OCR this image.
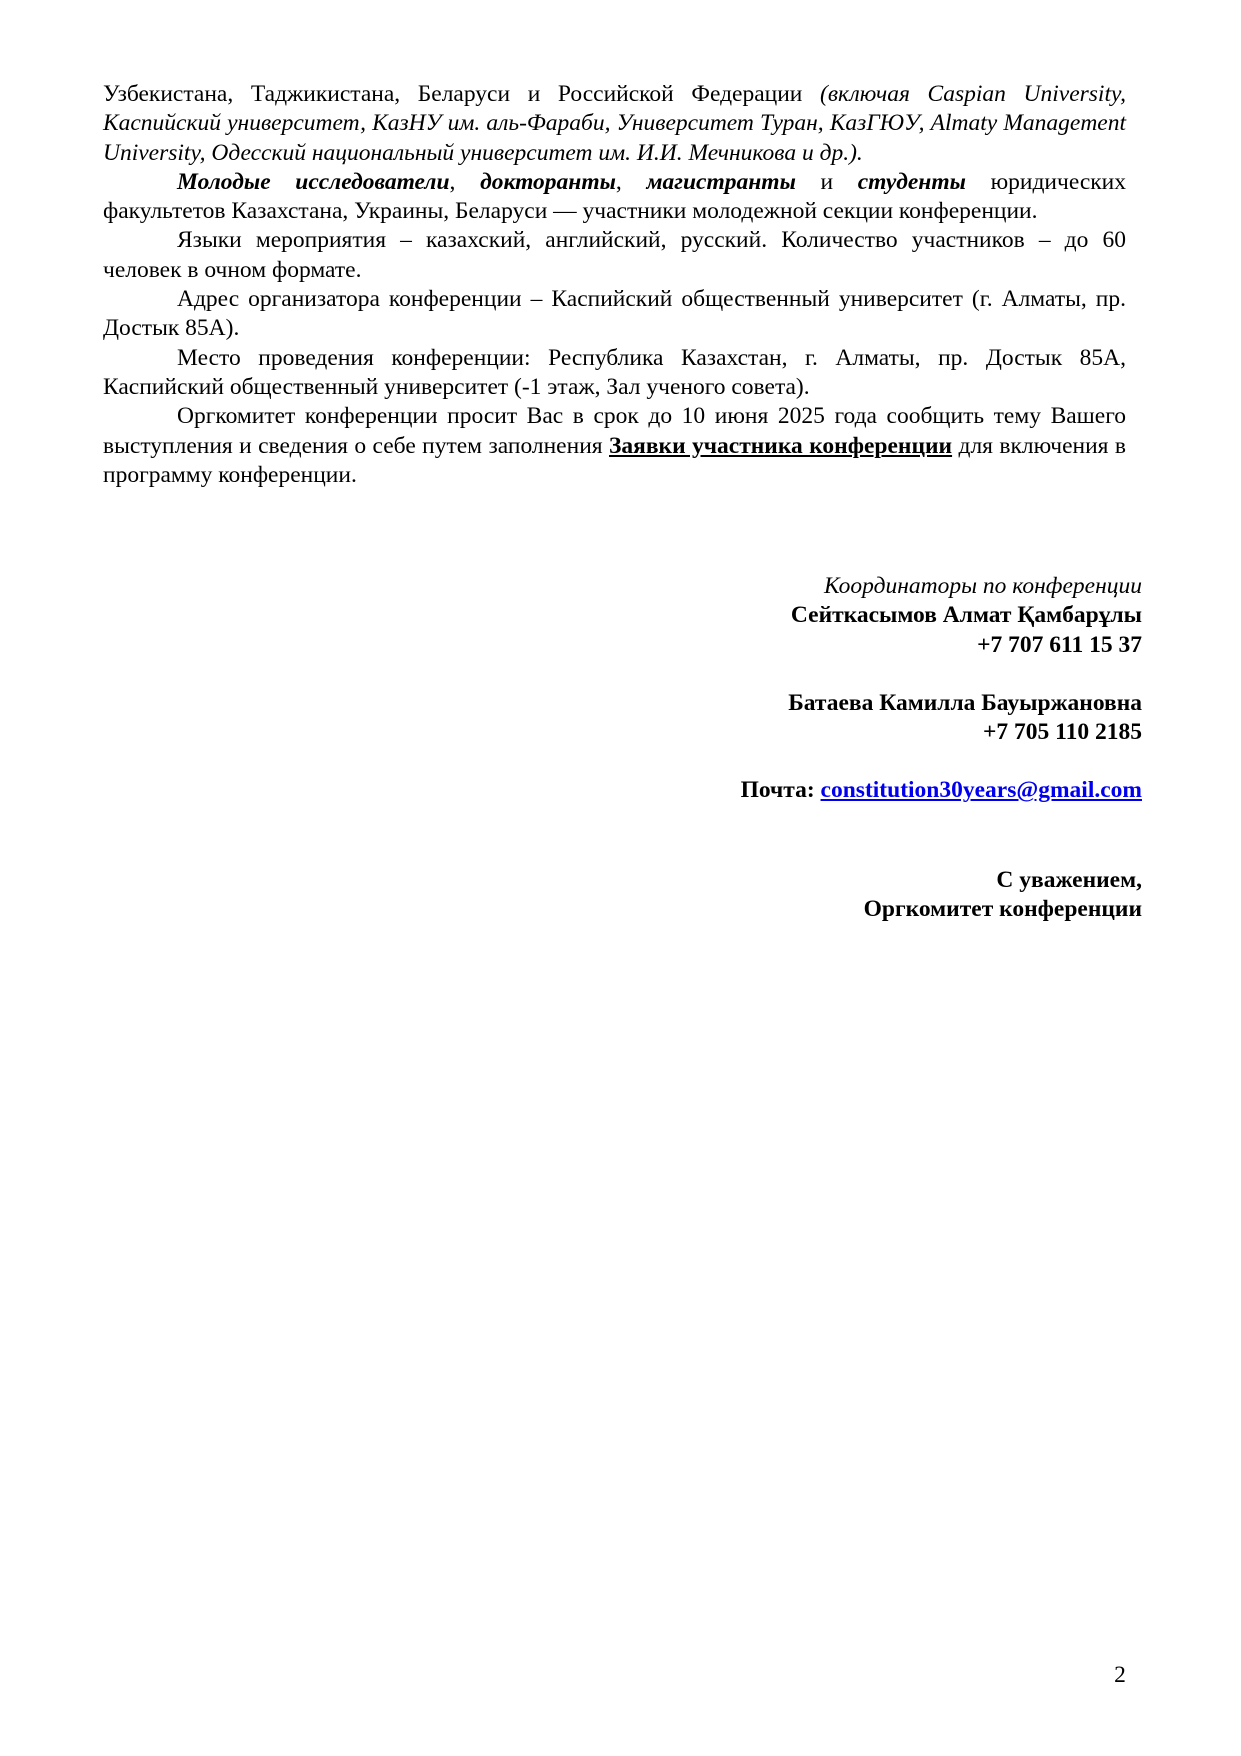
Узбекистана, Таджикистана, Беларуси и Российской Федерации (включая Caspian University, Каспийский университет, КазНУ им. аль-Фараби, Университет Туран, КазГЮУ, Almaty Management University, Одесский национальный университет им. И.И. Мечникова и др.).

Молодые исследователи, докторанты, магистранты и студенты юридических факультетов Казахстана, Украины, Беларуси — участники молодежной секции конференции.

Языки мероприятия – казахский, английский, русский. Количество участников – до 60 человек в очном формате.

Адрес организатора конференции – Каспийский общественный университет (г. Алматы, пр. Достык 85А).

Место проведения конференции: Республика Казахстан, г. Алматы, пр. Достык 85А, Каспийский общественный университет (-1 этаж, Зал ученого совета).

Оргкомитет конференции просит Вас в срок до 10 июня 2025 года сообщить тему Вашего выступления и сведения о себе путем заполнения Заявки участника конференции для включения в программу конференции.

Координаторы по конференции
Сейткасымов Алмат Қамбарұлы
+7 707 611 15 37
Батаева Камилла Бауыржановна
+7 705 110 2185
Почта: constitution30years@gmail.com
С уважением,
Оргкомитет конференции
2
